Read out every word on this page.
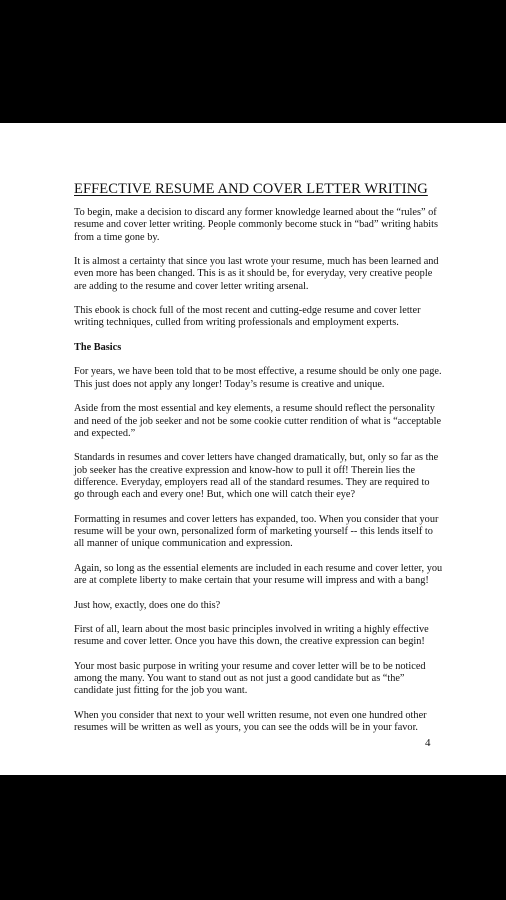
EFFECTIVE RESUME AND COVER LETTER WRITING
To begin, make a decision to discard any former knowledge learned about the “rules” of
resume and cover letter writing. People commonly become stuck in “bad” writing habits
from a time gone by.
It is almost a certainty that since you last wrote your resume, much has been learned and
even more has been changed. This is as it should be, for everyday, very creative people
are adding to the resume and cover letter writing arsenal.
This ebook is chock full of the most recent and cutting-edge resume and cover letter
writing techniques, culled from writing professionals and employment experts.
The Basics
For years, we have been told that to be most effective, a resume should be only one page.
This just does not apply any longer! Today’s resume is creative and unique.
Aside from the most essential and key elements, a resume should reflect the personality
and need of the job seeker and not be some cookie cutter rendition of what is “acceptable
and expected.”
Standards in resumes and cover letters have changed dramatically, but, only so far as the
job seeker has the creative expression and know-how to pull it off! Therein lies the
difference. Everyday, employers read all of the standard resumes. They are required to
go through each and every one! But, which one will catch their eye?
Formatting in resumes and cover letters has expanded, too. When you consider that your
resume will be your own, personalized form of marketing yourself -- this lends itself to
all manner of unique communication and expression.
Again, so long as the essential elements are included in each resume and cover letter, you
are at complete liberty to make certain that your resume will impress and with a bang!
Just how, exactly, does one do this?
First of all, learn about the most basic principles involved in writing a highly effective
resume and cover letter. Once you have this down, the creative expression can begin!
Your most basic purpose in writing your resume and cover letter will be to be noticed
among the many. You want to stand out as not just a good candidate but as “the”
candidate just fitting for the job you want.
When you consider that next to your well written resume, not even one hundred other
resumes will be written as well as yours, you can see the odds will be in your favor.
4
